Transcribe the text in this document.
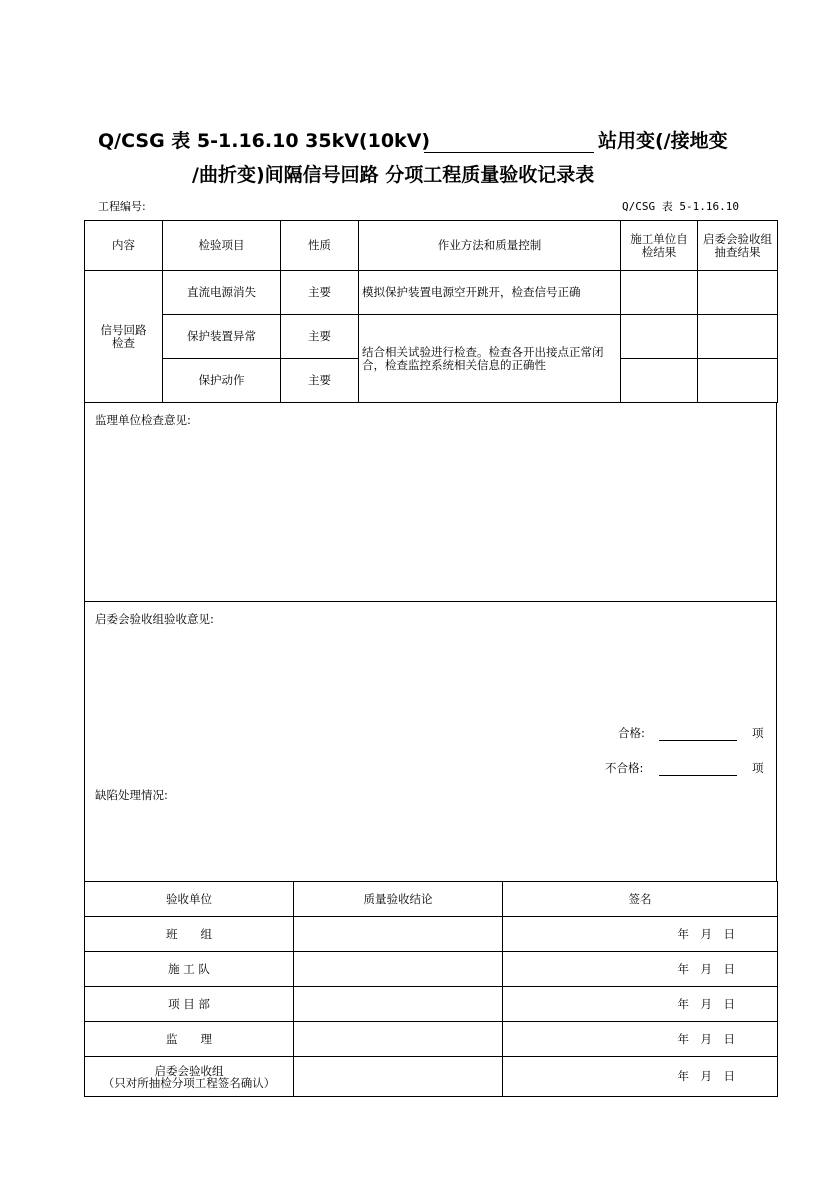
Q/CSG 表 5-1.16.10 35kV(10kV)	站用变(/接地变
/曲折变)间隔信号回路 分项工程质量验收记录表
工程编号:	Q/CSG 表 5-1.16.10
内容	检验项目	性质	作业方法和质量控制	施工单位自检结果	启委会验收组抽查结果
信号回路检查	直流电源消失	主要	模拟保护装置电源空开跳开，检查信号正确		
	保护装置异常	主要	结合相关试验进行检查。检查各开出接点正常闭合，检查监控系统相关信息的正确性		
	保护动作	主要			
监理单位检查意见:
启委会验收组验收意见:
合格:	项
不合格:	项
缺陷处理情况:
验收单位	质量验收结论	签名
班　　组		年　月　日
施 工 队		年　月　日
项 目 部		年　月　日
监　　理		年　月　日
启委会验收组
（只对所抽检分项工程签名确认）		年　月　日
